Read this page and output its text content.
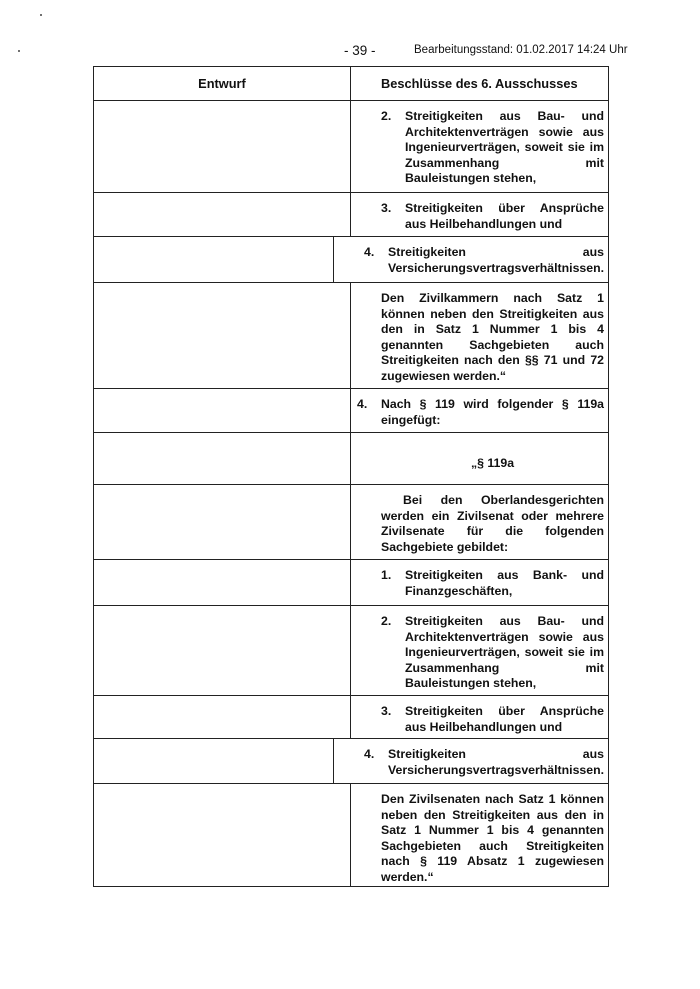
- 39 -	Bearbeitungsstand: 01.02.2017 14:24 Uhr
Entwurf	Beschlüsse des 6. Ausschusses
2. Streitigkeiten aus Bau- und Architektenverträgen sowie aus Ingenieurverträgen, soweit sie im Zusammenhang mit Bauleistungen stehen,
3. Streitigkeiten über Ansprüche aus Heilbehandlungen und
4. Streitigkeiten aus Versicherungsvertragsverhältnissen.
Den Zivilkammern nach Satz 1 können neben den Streitigkeiten aus den in Satz 1 Nummer 1 bis 4 genannten Sachgebieten auch Streitigkeiten nach den §§ 71 und 72 zugewiesen werden.“
4. Nach § 119 wird folgender § 119a eingefügt:
„§ 119a
Bei den Oberlandesgerichten werden ein Zivilsenat oder mehrere Zivilsenate für die folgenden Sachgebiete gebildet:
1. Streitigkeiten aus Bank- und Finanzgeschäften,
2. Streitigkeiten aus Bau- und Architektenverträgen sowie aus Ingenieurverträgen, soweit sie im Zusammenhang mit Bauleistungen stehen,
3. Streitigkeiten über Ansprüche aus Heilbehandlungen und
4. Streitigkeiten aus Versicherungsvertragsverhältnissen.
Den Zivilsenaten nach Satz 1 können neben den Streitigkeiten aus den in Satz 1 Nummer 1 bis 4 genannten Sachgebieten auch Streitigkeiten nach § 119 Absatz 1 zugewiesen werden.“
